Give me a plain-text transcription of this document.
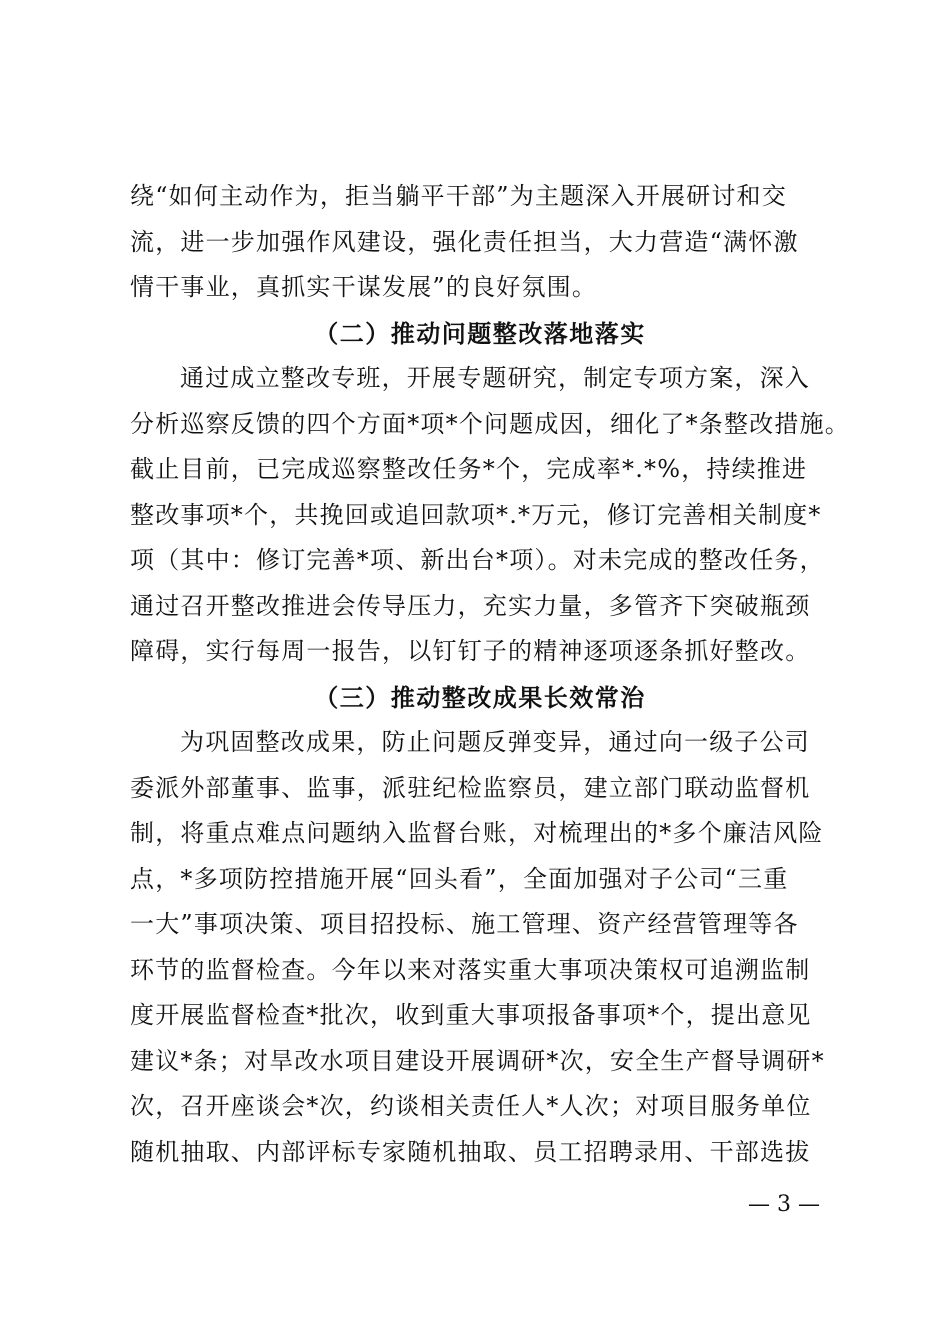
绕“如何主动作为，拒当躺平干部”为主题深入开展研讨和交
流，进一步加强作风建设，强化责任担当，大力营造“满怀激
情干事业，真抓实干谋发展”的良好氛围。
（二）推动问题整改落地落实
通过成立整改专班，开展专题研究，制定专项方案，深入
分析巡察反馈的四个方面*项*个问题成因，细化了*条整改措施。
截止目前，已完成巡察整改任务*个，完成率*.*%，持续推进
整改事项*个，共挽回或追回款项*.*万元，修订完善相关制度*
项（其中：修订完善*项、新出台*项）。对未完成的整改任务，
通过召开整改推进会传导压力，充实力量，多管齐下突破瓶颈
障碍，实行每周一报告，以钉钉子的精神逐项逐条抓好整改。
（三）推动整改成果长效常治
为巩固整改成果，防止问题反弹变异，通过向一级子公司
委派外部董事、监事，派驻纪检监察员，建立部门联动监督机
制，将重点难点问题纳入监督台账，对梳理出的*多个廉洁风险
点，*多项防控措施开展“回头看”，全面加强对子公司“三重
一大”事项决策、项目招投标、施工管理、资产经营管理等各
环节的监督检查。今年以来对落实重大事项决策权可追溯监制
度开展监督检查*批次，收到重大事项报备事项*个，提出意见
建议*条；对旱改水项目建设开展调研*次，安全生产督导调研*
次，召开座谈会*次，约谈相关责任人*人次；对项目服务单位
随机抽取、内部评标专家随机抽取、员工招聘录用、干部选拔
— 3 —
